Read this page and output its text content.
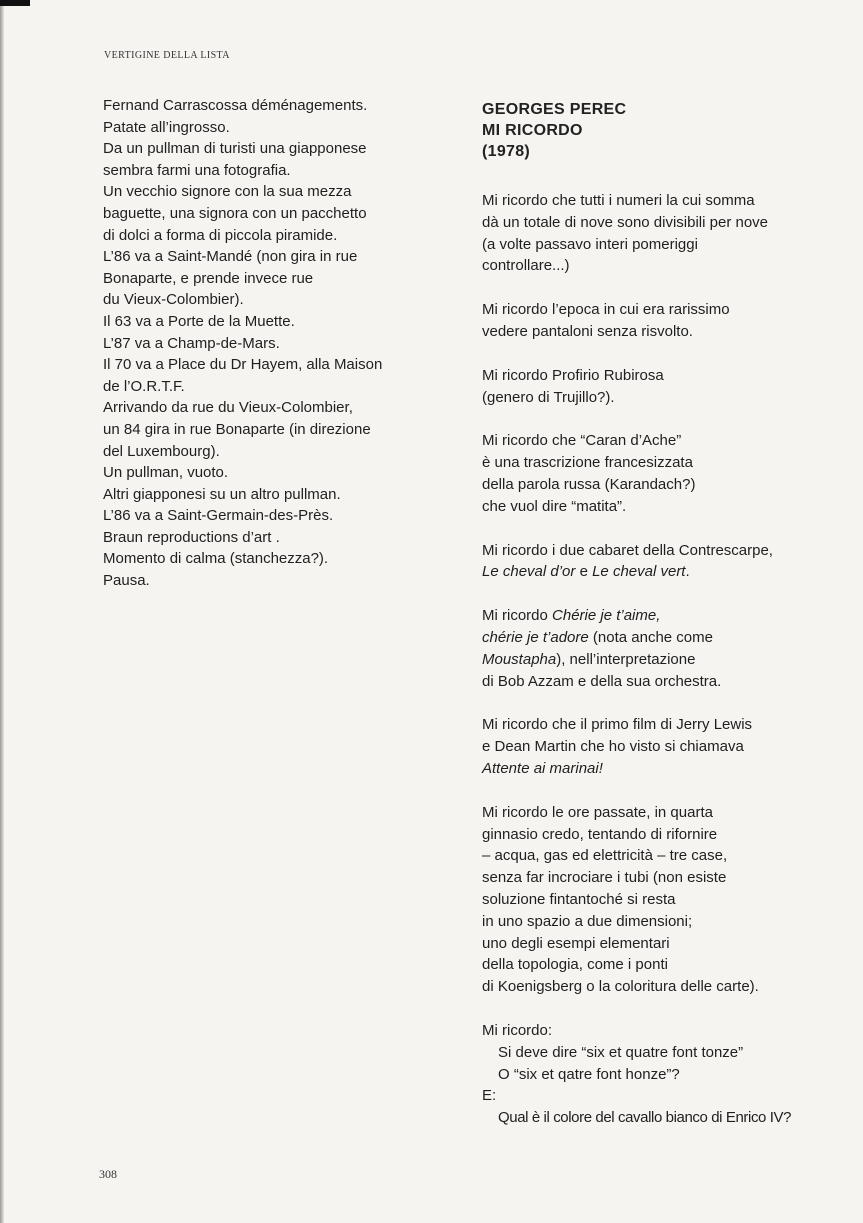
VERTIGINE DELLA LISTA
Fernand Carrascossa déménagements.
Patate all’ingrosso.
Da un pullman di turisti una giapponese
sembra farmi una fotografia.
Un vecchio signore con la sua mezza
baguette, una signora con un pacchetto
di dolci a forma di piccola piramide.
L’86 va a Saint-Mandé (non gira in rue
Bonaparte, e prende invece rue
du Vieux-Colombier).
Il 63 va a Porte de la Muette.
L’87 va a Champ-de-Mars.
Il 70 va a Place du Dr Hayem, alla Maison
de l’O.R.T.F.
Arrivando da rue du Vieux-Colombier,
un 84 gira in rue Bonaparte (in direzione
del Luxembourg).
Un pullman, vuoto.
Altri giapponesi su un altro pullman.
L’86 va a Saint-Germain-des-Près.
Braun reproductions d’art .
Momento di calma (stanchezza?).
Pausa.
GEORGES PEREC
MI RICORDO
(1978)
Mi ricordo che tutti i numeri la cui somma
dà un totale di nove sono divisibili per nove
(a volte passavo interi pomeriggi
controllare...)
Mi ricordo l’epoca in cui era rarissimo
vedere pantaloni senza risvolto.
Mi ricordo Profirio Rubirosa
(genero di Trujillo?).
Mi ricordo che “Caran d’Ache”
è una trascrizione francesizzata
della parola russa (Karandach?)
che vuol dire “matita”.
Mi ricordo i due cabaret della Contrescarpe,
Le cheval d’or e Le cheval vert.
Mi ricordo Chérie je t’aime,
chérie je t’adore (nota anche come
Moustapha), nell’interpretazione
di Bob Azzam e della sua orchestra.
Mi ricordo che il primo film di Jerry Lewis
e Dean Martin che ho visto si chiamava
Attente ai marinai!
Mi ricordo le ore passate, in quarta
ginnasio credo, tentando di rifornire
– acqua, gas ed elettricità – tre case,
senza far incrociare i tubi (non esiste
soluzione fintantoché si resta
in uno spazio a due dimensioni;
uno degli esempi elementari
della topologia, come i ponti
di Koenigsberg o la coloritura delle carte).
Mi ricordo:
Si deve dire “six et quatre font tonze”
O “six et qatre font honze”?
E:
Qual è il colore del cavallo bianco di Enrico IV?
308
